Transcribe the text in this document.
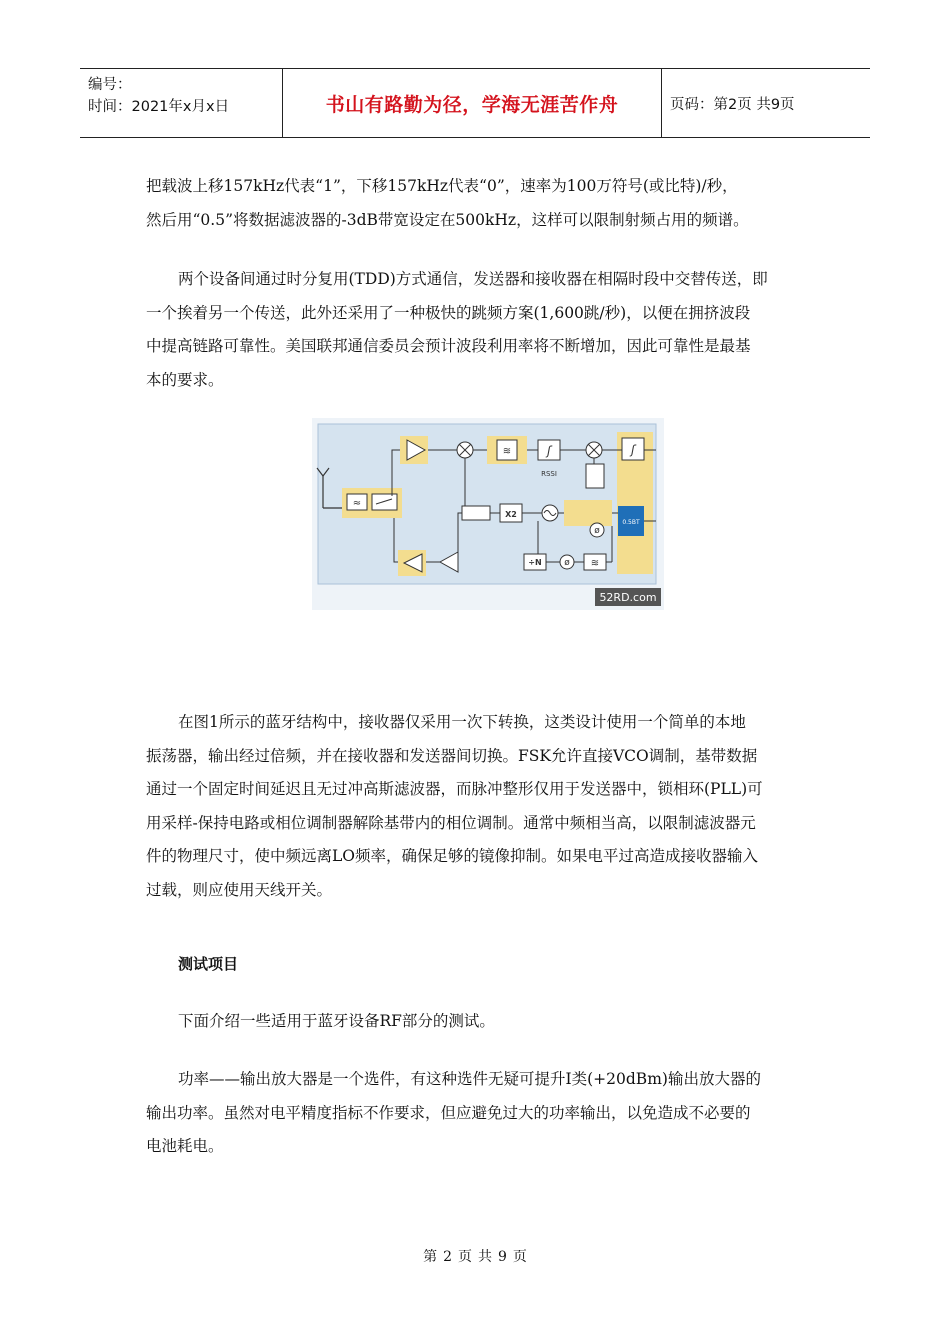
编号：
时间：2021年x月x日	书山有路勤为径，学海无涯苦作舟	页码：第2页 共9页

把载波上移157kHz代表“1”，下移157kHz代表“0”，速率为100万符号(或比特)/秒，
然后用“0.5”将数据滤波器的-3dB带宽设定在500kHz，这样可以限制射频占用的频谱。

两个设备间通过时分复用(TDD)方式通信，发送器和接收器在相隔时段中交替传送，即
一个挨着另一个传送，此外还采用了一种极快的跳频方案(1,600跳/秒)，以便在拥挤波段
中提高链路可靠性。美国联邦通信委员会预计波段利用率将不断增加，因此可靠性是最基
本的要求。

≈
≋	ʃ
RSSI
ʃ
0.5BT
X2
ø
÷N	ø ≋
52RD.com

在图1所示的蓝牙结构中，接收器仅采用一次下转换，这类设计使用一个简单的本地
振荡器，输出经过倍频，并在接收器和发送器间切换。FSK允许直接VCO调制，基带数据
通过一个固定时间延迟且无过冲高斯滤波器，而脉冲整形仅用于发送器中，锁相环(PLL)可
用采样-保持电路或相位调制器解除基带内的相位调制。通常中频相当高，以限制滤波器元
件的物理尺寸，使中频远离LO频率，确保足够的镜像抑制。如果电平过高造成接收器输入
过载，则应使用天线开关。

测试项目

下面介绍一些适用于蓝牙设备RF部分的测试。

功率——输出放大器是一个选件，有这种选件无疑可提升I类(+20dBm)输出放大器的
输出功率。虽然对电平精度指标不作要求，但应避免过大的功率输出，以免造成不必要的
电池耗电。

第 2 页 共 9 页
